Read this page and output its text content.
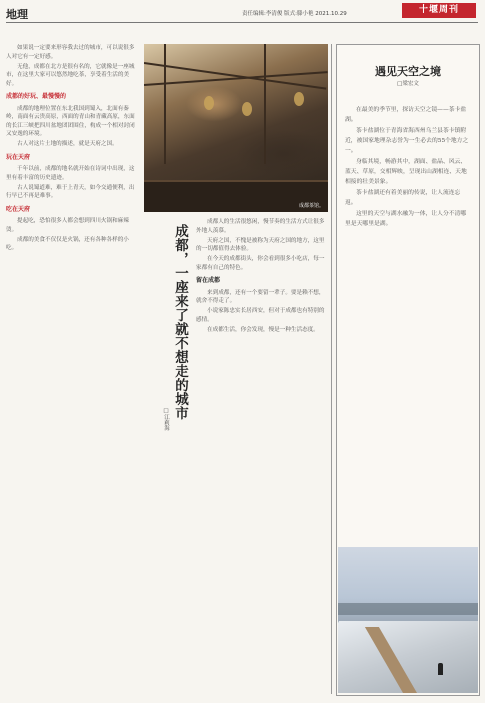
地理	责任编辑:李清俊 版式:滕小艳 2021.10.29	十堰周刊

如果说一定要来形容我去过的城市，可以说很多人对它有一定好感。

无他，成都在北方是很有名的，它就像是一座城市，在这里大家可以悠然地吃茶，享受着生活的美好。

成都的好玩、最慢慢的

成都的地理位置在东北我国到蜀入，北面有秦岭，南面有云贵高原，西面的青山和青藏高原，东面的长江三峡把四川盆地团团围住，构成一个相对封闭又安逸的环境。

古人对这片土地的描述，就是天府之国。

玩在天府

千年以前，成都的地名就开始在诗词中出现，这里有着丰富的历史遗迹。

古人说蜀道难，难于上青天，如今交通便利，出行早已不再是难事。

吃在天府

提起吃，恐怕很多人都会想到四川火锅和麻辣烫。

成都的美食不仅仅是火锅，还有各种各样的小吃。

成都茶馆。
成都，一座来了就不想走的城市
□江莉海

成都人的生活很悠闲，慢节奏的生活方式让很多外地人羡慕。

天府之国，不愧是被称为天府之国的地方，这里的一切都值得去体验。

在今天的成都街头，你会看到很多小吃店，每一家都有自己的特色。

留在成都

来到成都，还有一个要留一辈子。要是赖不想，就舍不得走了。

小说家陈忠实长居西安，但对于成都也有特别的感情。

在成都生活，你会发现，慢是一种生活态度。

遇见天空之境
□梁宏文

在最美的季节里，探访天空之镜——茶卡盐湖。

茶卡盐湖位于青海省海西州乌兰县茶卡镇附近，被国家地理杂志誉为一生必去的55个地方之一。

身临其境，畅游其中，湖面、盐晶、风云、蓝天、草原，交相辉映，呈现出山湖相连、天地相接的壮美景象。

茶卡盐湖还有着美丽的传说，让人流连忘返。

这里的天空与湖水融为一体，让人分不清哪里是天哪里是湖。
